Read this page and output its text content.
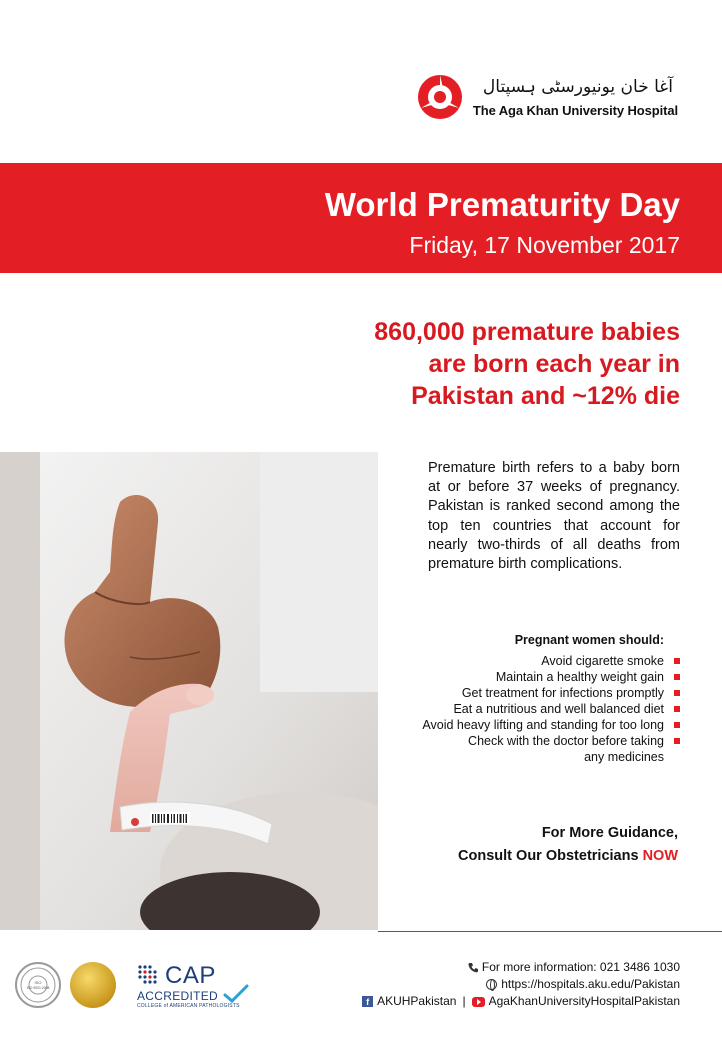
آغا خان یونیورسٹی ہسپتال
The Aga Khan University Hospital
World Prematurity Day
Friday, 17 November 2017
860,000 premature babies
are born each year in
Pakistan and ~12% die

Premature birth refers to a baby born at or before 37 weeks of pregnancy. Pakistan is ranked second among the top ten countries that account for nearly two-thirds of all deaths from premature birth complications.

Pregnant women should:
Avoid cigarette smoke
Maintain a healthy weight gain
Get treatment for infections promptly
Eat a nutritious and well balanced diet
Avoid heavy lifting and standing for too long
Check with the doctor before taking
any medicines
For More Guidance,
Consult Our Obstetricians NOW
ISO
ISO 9001:2008	CAP
ACCREDITED
COLLEGE of AMERICAN PATHOLOGISTS
For more information: 021 3486 1030
https://hospitals.aku.edu/Pakistan
f AKUHPakistan | AgaKhanUniversityHospitalPakistan
